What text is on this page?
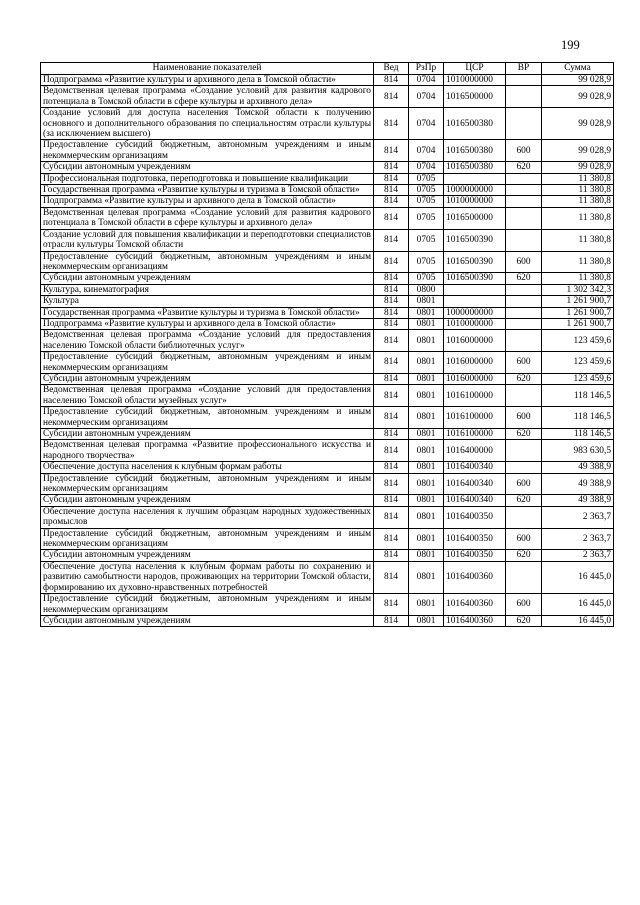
199
Наименование показателей	Вед	РзПр	ЦСР	ВР	Сумма
Подпрограмма «Развитие культуры и архивного дела в Томской области»	814	0704	1010000000		99 028,9
Ведомственная целевая программа «Создание условий для развития кадрового потенциала в Томской области в сфере культуры и архивного дела»	814	0704	1016500000		99 028,9
Создание условий для доступа населения Томской области к получению основного и дополнительного образования по специальностям отрасли культуры (за исключением высшего)	814	0704	1016500380		99 028,9
Предоставление субсидий бюджетным, автономным учреждениям и иным некоммерческим организациям	814	0704	1016500380	600	99 028,9
Субсидии автономным учреждениям	814	0704	1016500380	620	99 028,9
Профессиональная подготовка, переподготовка и повышение квалификации	814	0705			11 380,8
Государственная программа «Развитие культуры и туризма в Томской области»	814	0705	1000000000		11 380,8
Подпрограмма «Развитие культуры и архивного дела в Томской области»	814	0705	1010000000		11 380,8
Ведомственная целевая программа «Создание условий для развития кадрового потенциала в Томской области в сфере культуры и архивного дела»	814	0705	1016500000		11 380,8
Создание условий для повышения квалификации и переподготовки специалистов отрасли культуры Томской области	814	0705	1016500390		11 380,8
Предоставление субсидий бюджетным, автономным учреждениям и иным некоммерческим организациям	814	0705	1016500390	600	11 380,8
Субсидии автономным учреждениям	814	0705	1016500390	620	11 380,8
Культура, кинематография	814	0800			1 302 342,3
Культура	814	0801			1 261 900,7
Государственная программа «Развитие культуры и туризма в Томской области»	814	0801	1000000000		1 261 900,7
Подпрограмма «Развитие культуры и архивного дела в Томской области»	814	0801	1010000000		1 261 900,7
Ведомственная целевая программа «Создание условий для предоставления населению Томской области библиотечных услуг»	814	0801	1016000000		123 459,6
Предоставление субсидий бюджетным, автономным учреждениям и иным некоммерческим организациям	814	0801	1016000000	600	123 459,6
Субсидии автономным учреждениям	814	0801	1016000000	620	123 459,6
Ведомственная целевая программа «Создание условий для предоставления населению Томской области музейных услуг»	814	0801	1016100000		118 146,5
Предоставление субсидий бюджетным, автономным учреждениям и иным некоммерческим организациям	814	0801	1016100000	600	118 146,5
Субсидии автономным учреждениям	814	0801	1016100000	620	118 146,5
Ведомственная целевая программа «Развитие профессионального искусства и народного творчества»	814	0801	1016400000		983 630,5
Обеспечение доступа населения к клубным формам работы	814	0801	1016400340		49 388,9
Предоставление субсидий бюджетным, автономным учреждениям и иным некоммерческим организациям	814	0801	1016400340	600	49 388,9
Субсидии автономным учреждениям	814	0801	1016400340	620	49 388,9
Обеспечение доступа населения к лучшим образцам народных художественных промыслов	814	0801	1016400350		2 363,7
Предоставление субсидий бюджетным, автономным учреждениям и иным некоммерческим организациям	814	0801	1016400350	600	2 363,7
Субсидии автономным учреждениям	814	0801	1016400350	620	2 363,7
Обеспечение доступа населения к клубным формам работы по сохранению и развитию самобытности народов, проживающих на территории Томской области, формированию их духовно-нравственных потребностей	814	0801	1016400360		16 445,0
Предоставление субсидий бюджетным, автономным учреждениям и иным некоммерческим организациям	814	0801	1016400360	600	16 445,0
Субсидии автономным учреждениям	814	0801	1016400360	620	16 445,0
